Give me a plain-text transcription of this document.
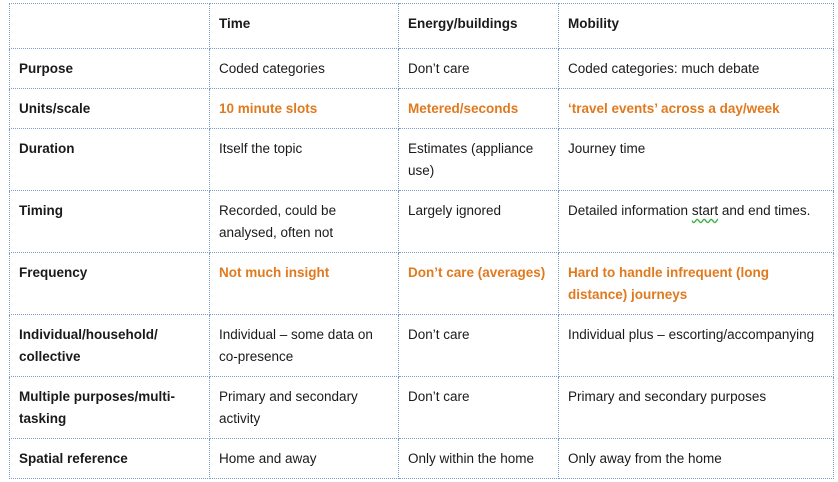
	Time	Energy/buildings	Mobility
Purpose	Coded categories	Don’t care	Coded categories: much debate
Units/scale	10 minute slots	Metered/seconds	‘travel events’ across a day/week
Duration	Itself the topic	Estimates (appliance use)	Journey time
Timing	Recorded, could be analysed, often not	Largely ignored	Detailed information start and end times.
Frequency	Not much insight	Don’t care (averages)	Hard to handle infrequent (long distance) journeys
Individual/household/ collective	Individual – some data on co-presence	Don’t care	Individual plus – escorting/accompanying
Multiple purposes/multi-tasking	Primary and secondary activity	Don’t care	Primary and secondary purposes
Spatial reference	Home and away	Only within the home	Only away from the home
